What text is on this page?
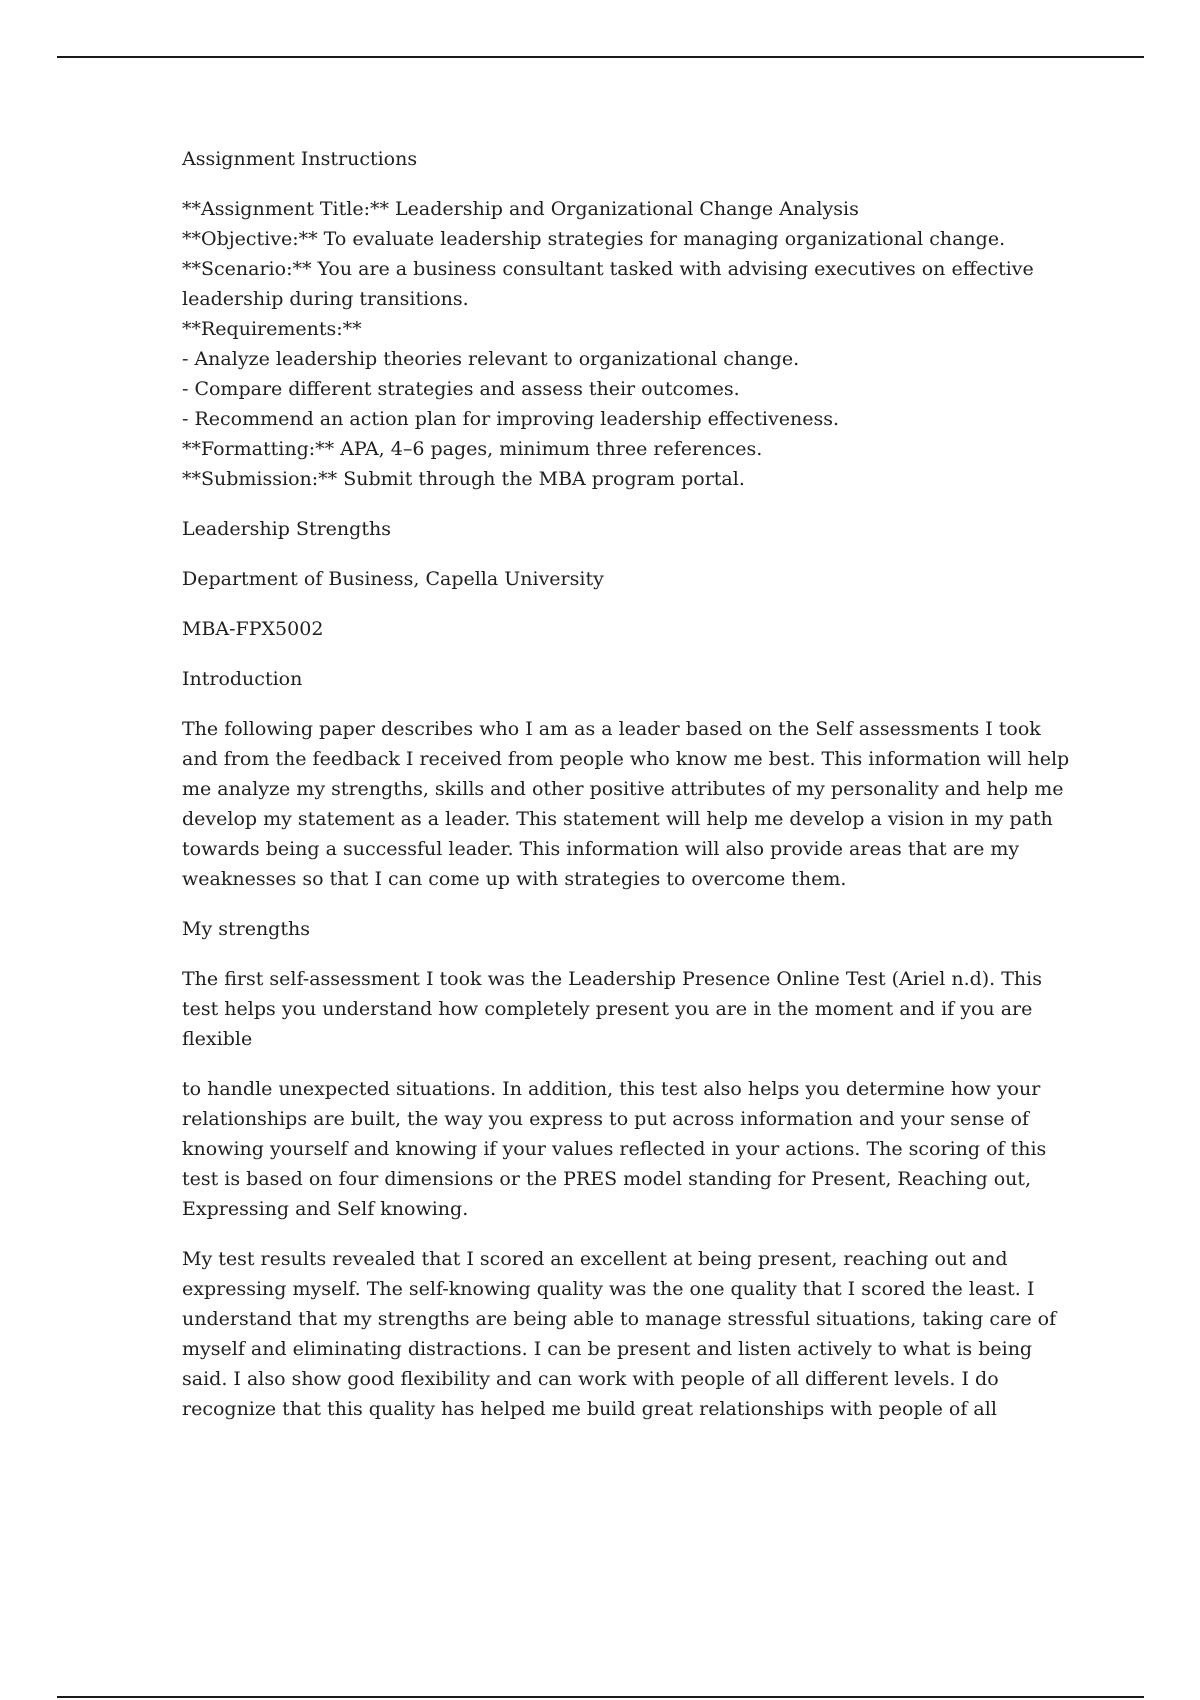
Assignment Instructions

**Assignment Title:** Leadership and Organizational Change Analysis
**Objective:** To evaluate leadership strategies for managing organizational change.
**Scenario:** You are a business consultant tasked with advising executives on effective
leadership during transitions.
**Requirements:**
- Analyze leadership theories relevant to organizational change.
- Compare different strategies and assess their outcomes.
- Recommend an action plan for improving leadership effectiveness.
**Formatting:** APA, 4–6 pages, minimum three references.
**Submission:** Submit through the MBA program portal.

Leadership Strengths

Department of Business, Capella University

MBA-FPX5002

Introduction

The following paper describes who I am as a leader based on the Self assessments I took
and from the feedback I received from people who know me best. This information will help
me analyze my strengths, skills and other positive attributes of my personality and help me
develop my statement as a leader. This statement will help me develop a vision in my path
towards being a successful leader. This information will also provide areas that are my
weaknesses so that I can come up with strategies to overcome them.

My strengths

The first self-assessment I took was the Leadership Presence Online Test (Ariel n.d). This
test helps you understand how completely present you are in the moment and if you are
flexible
to handle unexpected situations. In addition, this test also helps you determine how your
relationships are built, the way you express to put across information and your sense of
knowing yourself and knowing if your values reflected in your actions. The scoring of this
test is based on four dimensions or the PRES model standing for Present, Reaching out,
Expressing and Self knowing.
My test results revealed that I scored an excellent at being present, reaching out and
expressing myself. The self-knowing quality was the one quality that I scored the least. I
understand that my strengths are being able to manage stressful situations, taking care of
myself and eliminating distractions. I can be present and listen actively to what is being
said. I also show good flexibility and can work with people of all different levels. I do
recognize that this quality has helped me build great relationships with people of all
